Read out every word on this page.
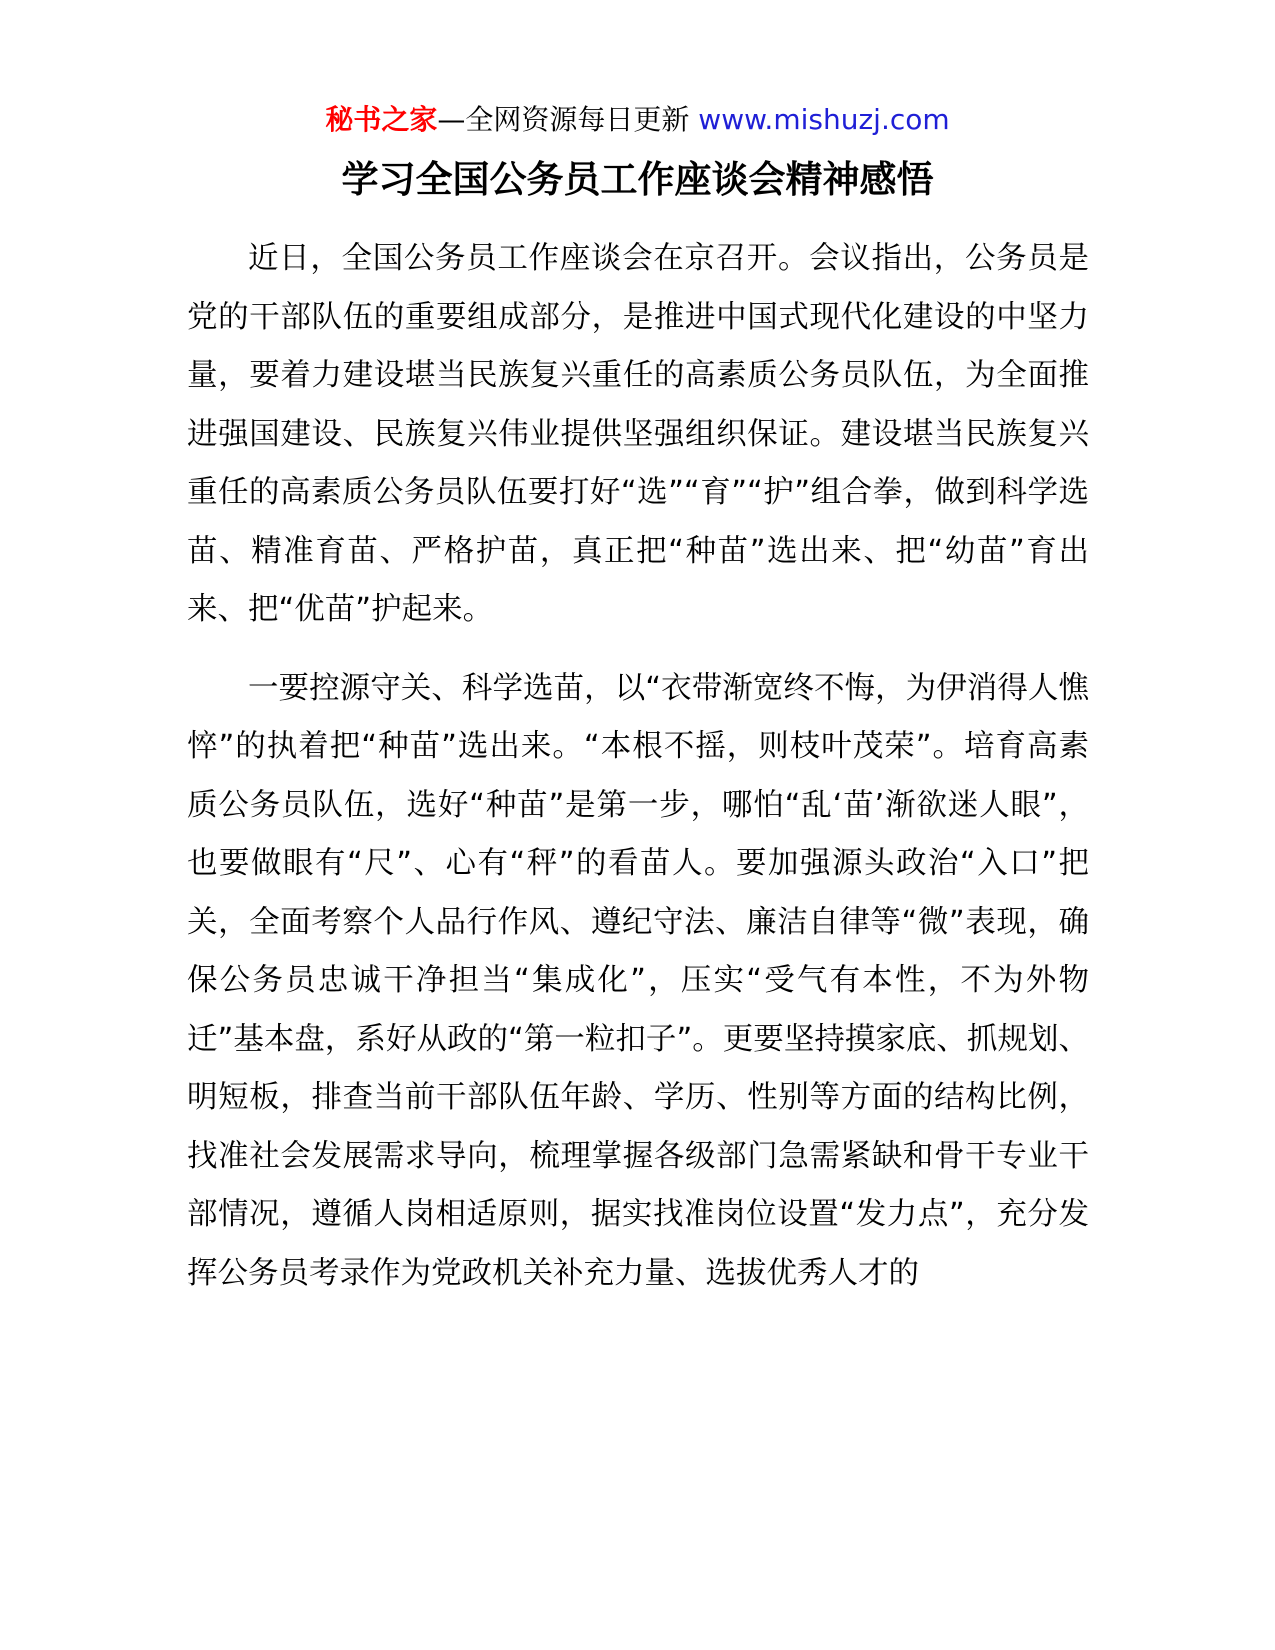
秘书之家—全网资源每日更新 www.mishuzj.com
学习全国公务员工作座谈会精神感悟

近日，全国公务员工作座谈会在京召开。会议指出，公务员是党的干部队伍的重要组成部分，是推进中国式现代化建设的中坚力量，要着力建设堪当民族复兴重任的高素质公务员队伍，为全面推进强国建设、民族复兴伟业提供坚强组织保证。建设堪当民族复兴重任的高素质公务员队伍要打好“选”“育”“护”组合拳，做到科学选苗、精准育苗、严格护苗，真正把“种苗”选出来、把“幼苗”育出来、把“优苗”护起来。

一要控源守关、科学选苗，以“衣带渐宽终不悔，为伊消得人憔悴”的执着把“种苗”选出来。“本根不摇，则枝叶茂荣”。培育高素质公务员队伍，选好“种苗”是第一步，哪怕“乱‘苗’渐欲迷人眼”，也要做眼有“尺”、心有“秤”的看苗人。要加强源头政治“入口”把关，全面考察个人品行作风、遵纪守法、廉洁自律等“微”表现，确保公务员忠诚干净担当“集成化”，压实“受气有本性，不为外物迁”基本盘，系好从政的“第一粒扣子”。更要坚持摸家底、抓规划、明短板，排查当前干部队伍年龄、学历、性别等方面的结构比例，找准社会发展需求导向，梳理掌握各级部门急需紧缺和骨干专业干部情况，遵循人岗相适原则，据实找准岗位设置“发力点”，充分发挥公务员考录作为党政机关补充力量、选拔优秀人才的
